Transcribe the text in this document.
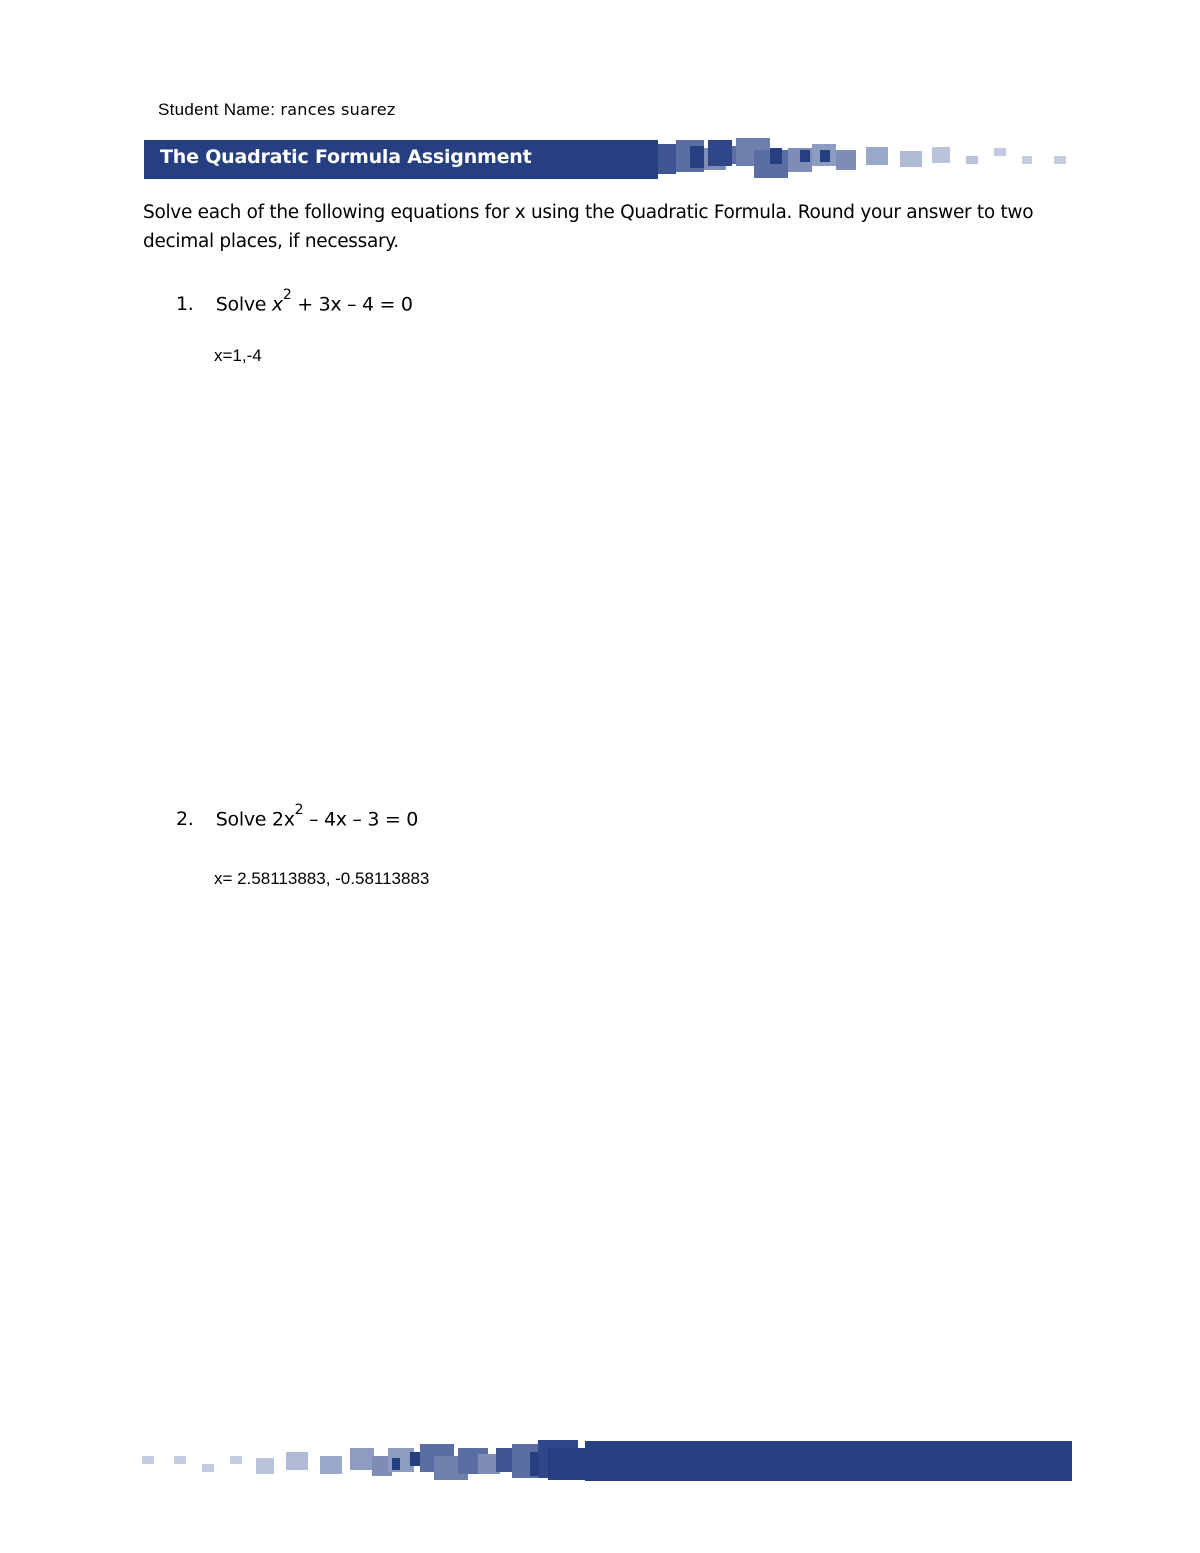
Student Name: rances suarez
The Quadratic Formula Assignment
Solve each of the following equations for x using the Quadratic Formula. Round your answer to two decimal places, if necessary.
1. Solve $x^2 + 3x - 4 = 0$
x=1,-4
2. Solve $2x^2 - 4x - 3 = 0$
x= 2.58113883, -0.58113883
